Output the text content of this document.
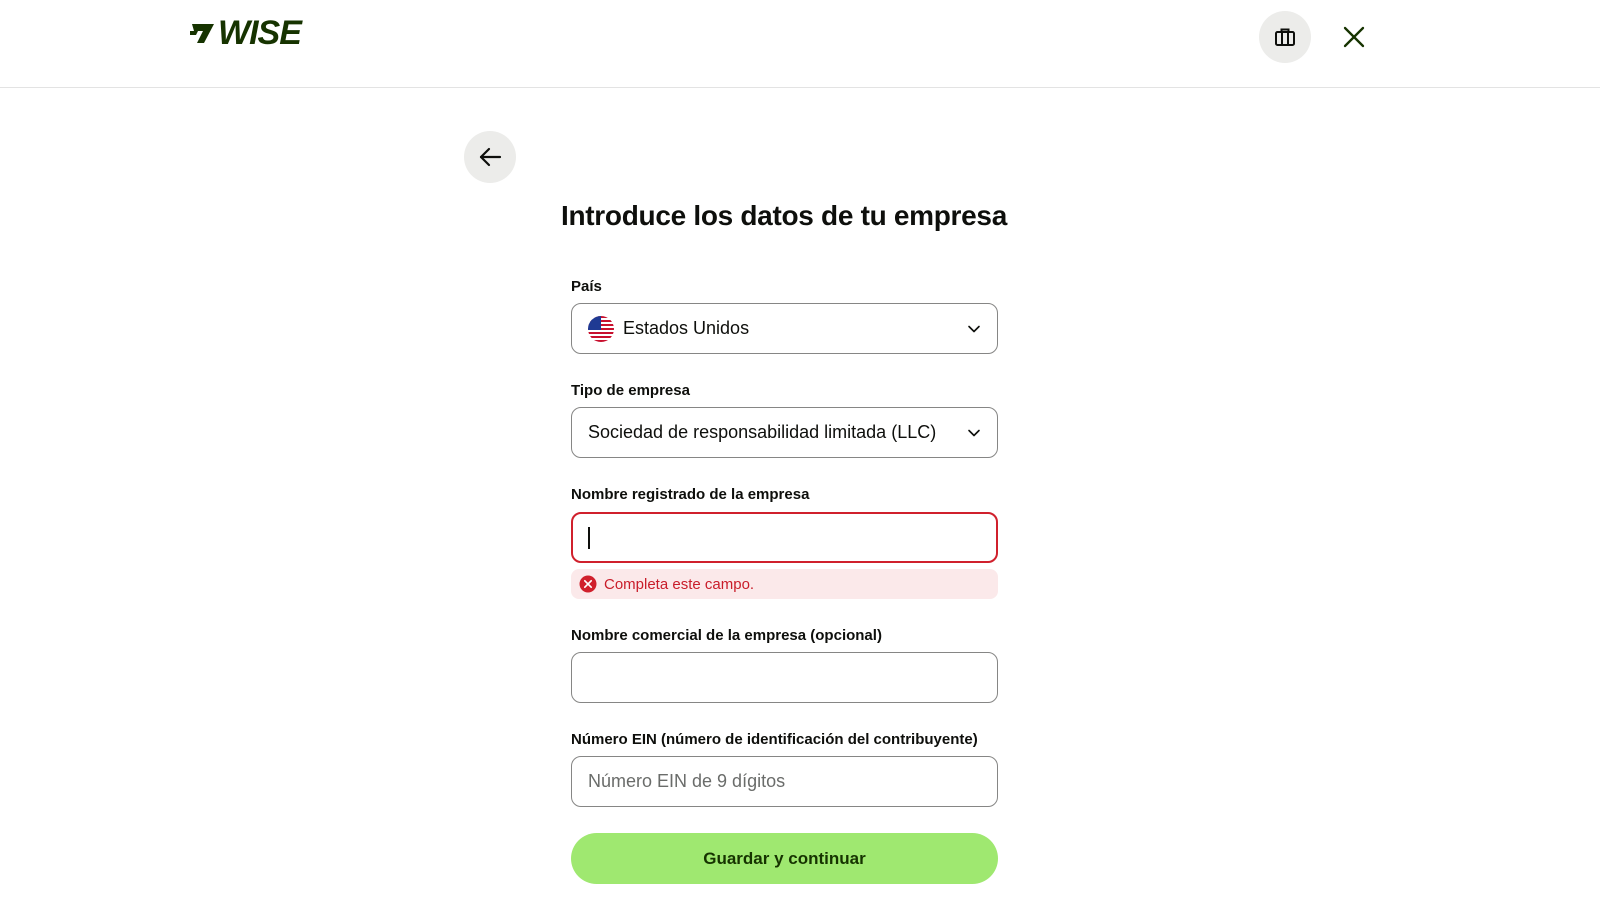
WISE
Introduce los datos de tu empresa
País
Estados Unidos
Tipo de empresa
Sociedad de responsabilidad limitada (LLC)
Nombre registrado de la empresa
Completa este campo.
Nombre comercial de la empresa (opcional)
Número EIN (número de identificación del contribuyente)
Número EIN de 9 dígitos
Guardar y continuar
